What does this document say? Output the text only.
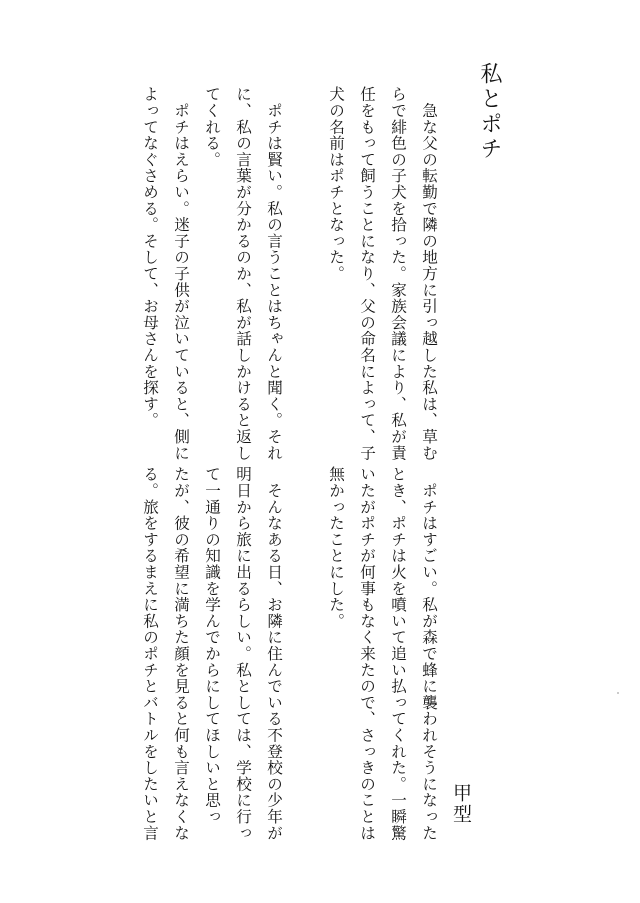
私とポチ
　急な父の転勤で隣の地方に引っ越した私は、草む
らで緋色の子犬を拾った。家族会議により、私が責
任をもって飼うことになり、父の命名によって、子
犬の名前はポチとなった。
　ポチは賢い。私の言うことはちゃんと聞く。それ
に、私の言葉が分かるのか、私が話しかけると返し
てくれる。
　ポチはえらい。迷子の子供が泣いていると、側に
よってなぐさめる。そして、お母さんを探す。
　ポチはすごい。私が森で蜂に襲われそうになった
とき、ポチは火を噴いて追い払ってくれた。一瞬驚
いたがポチが何事もなく来たので、さっきのことは
無かったことにした。
　そんなある日、お隣に住んでいる不登校の少年が
明日から旅に出るらしい。私としては、学校に行っ
て一通りの知識を学んでからにしてほしいと思っ
たが、彼の希望に満ちた顔を見ると何も言えなくな
る。旅をするまえに私のポチとバトルをしたいと言	甲型
